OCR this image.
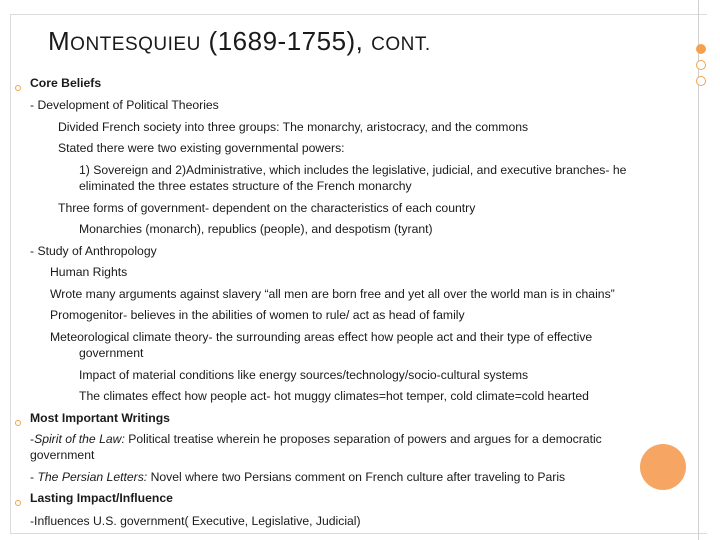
MONTESQUIEU (1689-1755), CONT.
Core Beliefs
- Development of Political Theories
Divided French society into three groups: The monarchy, aristocracy, and the commons
Stated there were two existing governmental powers:
1) Sovereign and 2)Administrative, which includes the legislative, judicial, and executive branches- he
eliminated the three estates structure of the French monarchy
Three forms of government- dependent on the characteristics of each country
Monarchies (monarch), republics (people), and despotism (tyrant)
- Study of Anthropology
Human Rights
Wrote many arguments against slavery “all men are born free and yet all over the world man is in chains”
Promogenitor- believes in the abilities of women to rule/ act as head of family
Meteorological climate theory- the surrounding areas effect how people act and their type of effective
government
Impact of material conditions like energy sources/technology/socio-cultural systems
The climates effect how people act- hot muggy climates=hot temper, cold climate=cold hearted
Most Important Writings
-Spirit of the Law: Political treatise wherein he proposes separation of powers and argues for a democratic
government
- The Persian Letters: Novel where two Persians comment on French culture after traveling to Paris
Lasting Impact/Influence
-Influences U.S. government( Executive, Legislative, Judicial)
